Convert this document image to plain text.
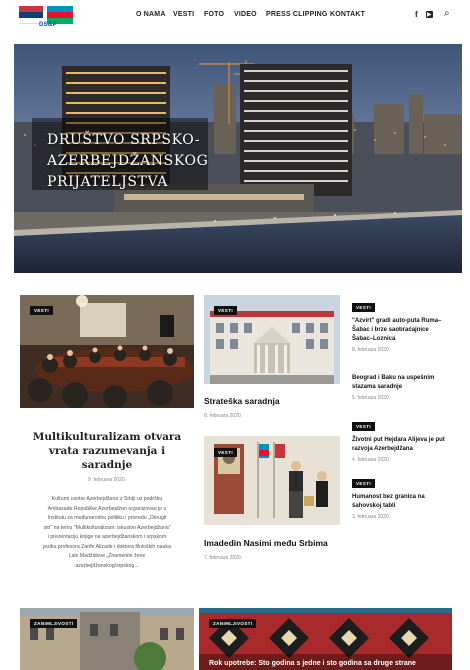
DS&P
O NAMA VESTI FOTO VIDEO PRESS CLIPPING KONTAKT	f ▶ ⌕
DRUŠTVO SRPSKO-
AZERBEJDŽANSKOG
PRIJATELJSTVA
VESTI
Multikulturalizam otvara
vrata razumevanja i
saradnje
9. februara 2020.
Kulturni centar Azerbejdžana u Srbiji uz podršku
Ambasade Republike Azerbejdžan organizovao je u
Institutu za međunarodnu politiku i privredu „Okrugli
sto" na temu "Multikulturalizam: iskustvo Azerbejdžana"
i prezentaciju knjige na azerbejdžanskom i srpskom
jeziku profesora Zarife Alizade i doktora filoloških nauka
Lale Madžidove „Znamenite žene
azerbejdžanskog/srpskog...
VESTI
Strateška saradnja
8. februara 2020.
VESTI
Imadedin Nasimi među Srbima
7. februara 2020.
VESTI
"Azvirt" gradi auto-puta Ruma–
Šabac i brze saobraćajnice
Šabac–Loznica
8. februara 2020.
Beograd i Baku na uspešnim
stazama saradnje
5. februara 2020.
VESTI
Životni put Hejdara Alijeva je put
razvoja Azerbejdžana
4. februara 2020.
VESTI
Humanost bez granica na
šahovskoj tabli
3. februara 2020.
ZANIMLJIVOSTI	ZANIMLJIVOSTI
Rok upotrebe: Sto godina s jedne i sto godina sa druge strane
